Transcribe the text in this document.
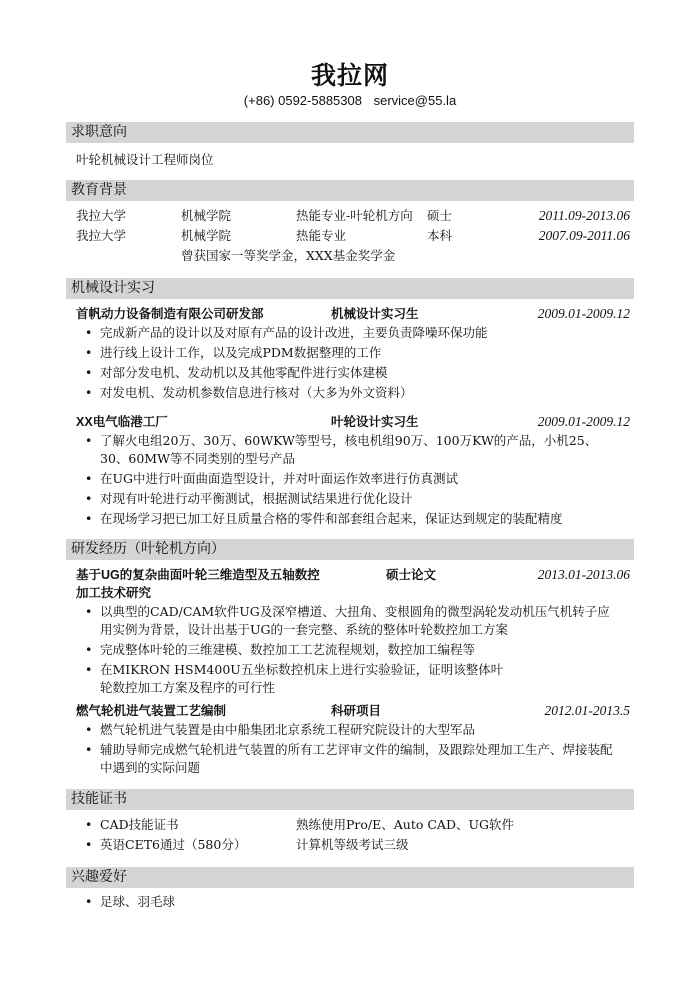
我拉网
(+86) 0592-5885308 service@55.la
求职意向
叶轮机械设计工程师岗位
教育背景
我拉大学	机械学院	热能专业-叶轮机方向 硕士	2011.09-2013.06
我拉大学	机械学院	热能专业	本科	2007.09-2011.06
曾获国家一等奖学金，XXX基金奖学金
机械设计实习
首帆动力设备制造有限公司研发部	机械设计实习生	2009.01-2009.12
• 完成新产品的设计以及对原有产品的设计改进，主要负责降噪环保功能
• 进行线上设计工作，以及完成PDM数据整理的工作
• 对部分发电机、发动机以及其他零配件进行实体建模
• 对发电机、发动机参数信息进行核对（大多为外文资料）
XX电气临港工厂	叶轮设计实习生	2009.01-2009.12
• 了解火电组20万、30万、60WKW等型号，核电机组90万、100万KW的产品，小机25、30、60MW等不同类别的型号产品
• 在UG中进行叶面曲面造型设计，并对叶面运作效率进行仿真测试
• 对现有叶轮进行动平衡测试，根据测试结果进行优化设计
• 在现场学习把已加工好且质量合格的零件和部套组合起来，保证达到规定的装配精度
研发经历（叶轮机方向）
基于UG的复杂曲面叶轮三维造型及五轴数控	硕士论文	2013.01-2013.06
加工技术研究
• 以典型的CAD/CAM软件UG及深窄槽道、大扭角、变根圆角的微型涡轮发动机压气机转子应用实例为背景，设计出基于UG的一套完整、系统的整体叶轮数控加工方案
• 完成整体叶轮的三维建模、数控加工工艺流程规划，数控加工编程等
• 在MIKRON HSM400U五坐标数控机床上进行实验验证，证明该整体叶轮数控加工方案及程序的可行性
燃气轮机进气装置工艺编制	科研项目	2012.01-2013.5
• 燃气轮机进气装置是由中船集团北京系统工程研究院设计的大型军品
• 辅助导师完成燃气轮机进气装置的所有工艺评审文件的编制，及跟踪处理加工生产、焊接装配中遇到的实际问题
技能证书
• CAD技能证书	熟练使用Pro/E、Auto CAD、UG软件
• 英语CET6通过（580分）	计算机等级考试三级
兴趣爱好
• 足球、羽毛球
